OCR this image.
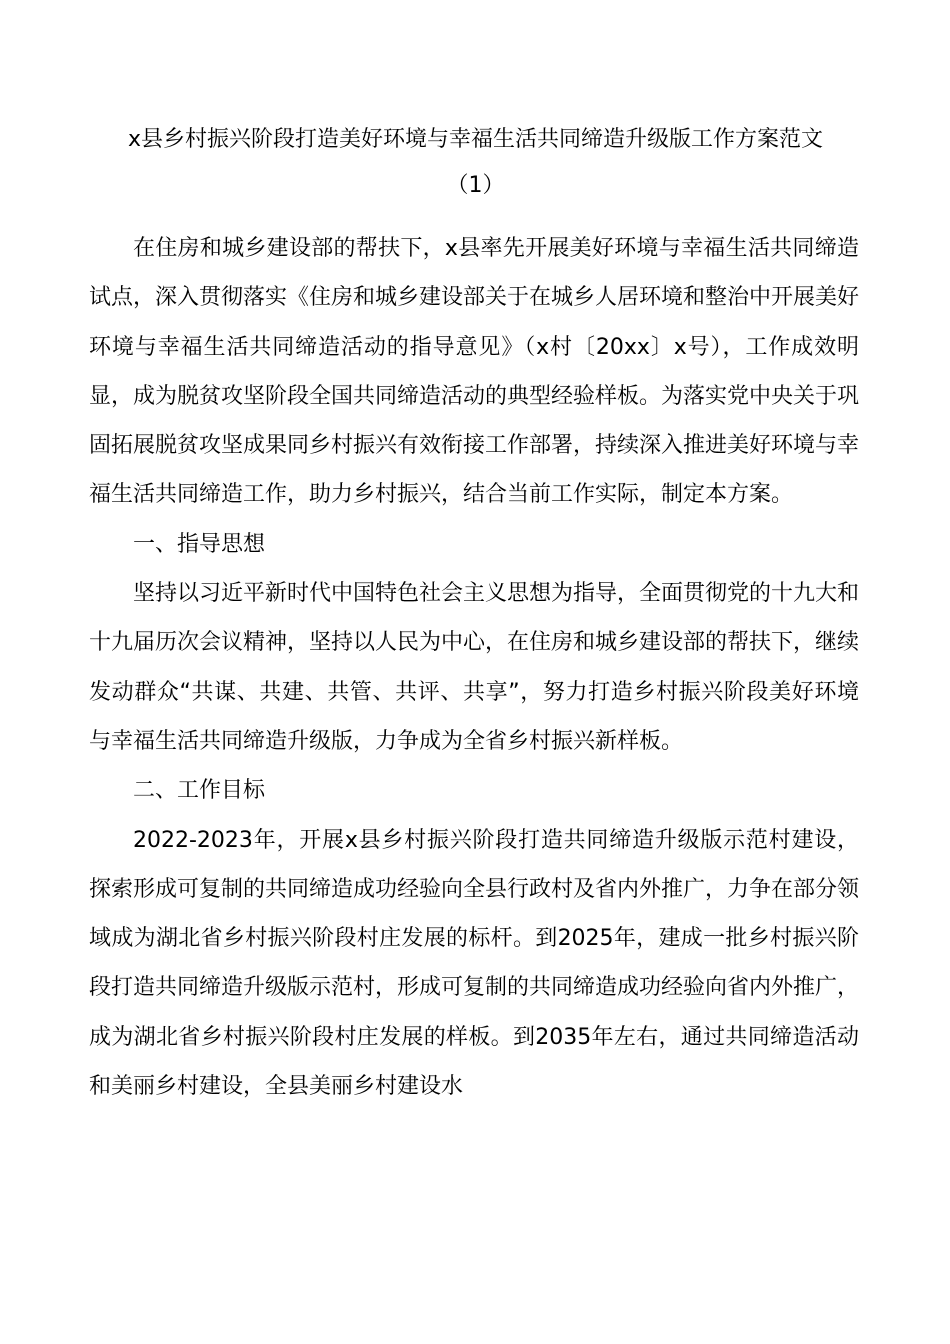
x县乡村振兴阶段打造美好环境与幸福生活共同缔造升级版工作方案范文
（1）

在住房和城乡建设部的帮扶下，x县率先开展美好环境与幸福生活共同缔造试点，深入贯彻落实《住房和城乡建设部关于在城乡人居环境和整治中开展美好环境与幸福生活共同缔造活动的指导意见》（x村〔20xx〕x号），工作成效明显，成为脱贫攻坚阶段全国共同缔造活动的典型经验样板。为落实党中央关于巩固拓展脱贫攻坚成果同乡村振兴有效衔接工作部署，持续深入推进美好环境与幸福生活共同缔造工作，助力乡村振兴，结合当前工作实际，制定本方案。

一、指导思想

坚持以习近平新时代中国特色社会主义思想为指导，全面贯彻党的十九大和十九届历次会议精神，坚持以人民为中心，在住房和城乡建设部的帮扶下，继续发动群众“共谋、共建、共管、共评、共享”，努力打造乡村振兴阶段美好环境与幸福生活共同缔造升级版，力争成为全省乡村振兴新样板。

二、工作目标

2022-2023年，开展x县乡村振兴阶段打造共同缔造升级版示范村建设，探索形成可复制的共同缔造成功经验向全县行政村及省内外推广，力争在部分领域成为湖北省乡村振兴阶段村庄发展的标杆。到2025年，建成一批乡村振兴阶段打造共同缔造升级版示范村，形成可复制的共同缔造成功经验向省内外推广，成为湖北省乡村振兴阶段村庄发展的样板。到2035年左右，通过共同缔造活动和美丽乡村建设，全县美丽乡村建设水
